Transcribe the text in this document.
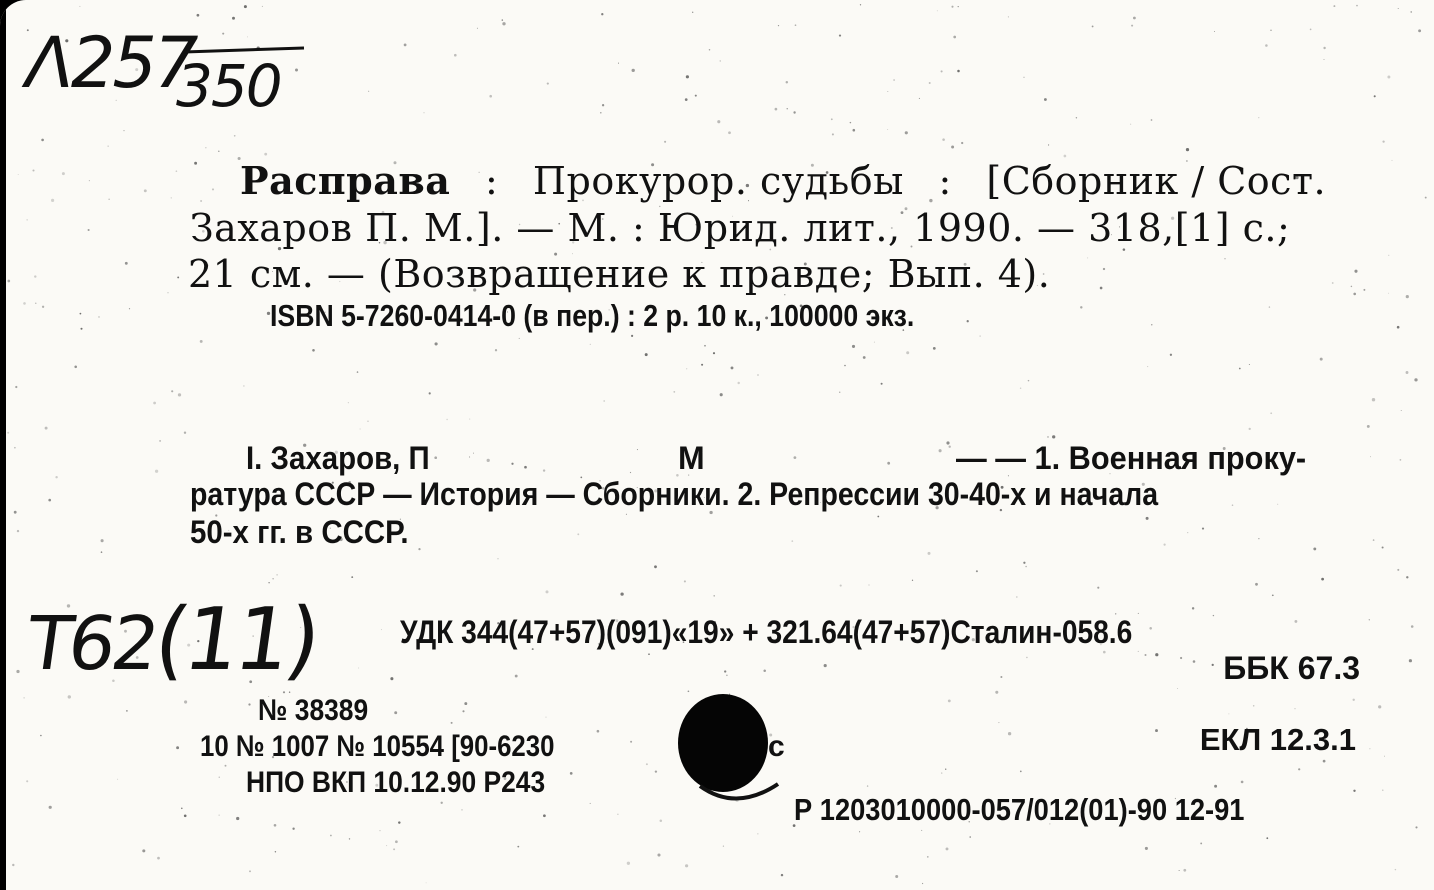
Λ257
350
Расправа : Прокурор. судьбы : [Сборник / Сост.
Захаров П. М.]. — М. : Юрид. лит., 1990. — 318,[1] с.;
21 см. — (Возвращение к правде; Вып. 4).
ISBN 5-7260-0414-0 (в пер.) : 2 р. 10 к., 100000 экз.
I. Захаров, П	М	— — 1. Военная проку-
ратура СССР — История — Сборники. 2. Репрессии 30-40-х и начала
50-х гг. в СССР.
Т62(11) УДК 344(47+57)(091)«19» + 321.64(47+57)Сталин-058.6
ББК 67.3
№ 38389
10 № 1007 № 10554 [90-6230	с
НПО ВКП 10.12.90 Р243
ЕКЛ 12.3.1
Р 1203010000-057/012(01)-90 12-91
